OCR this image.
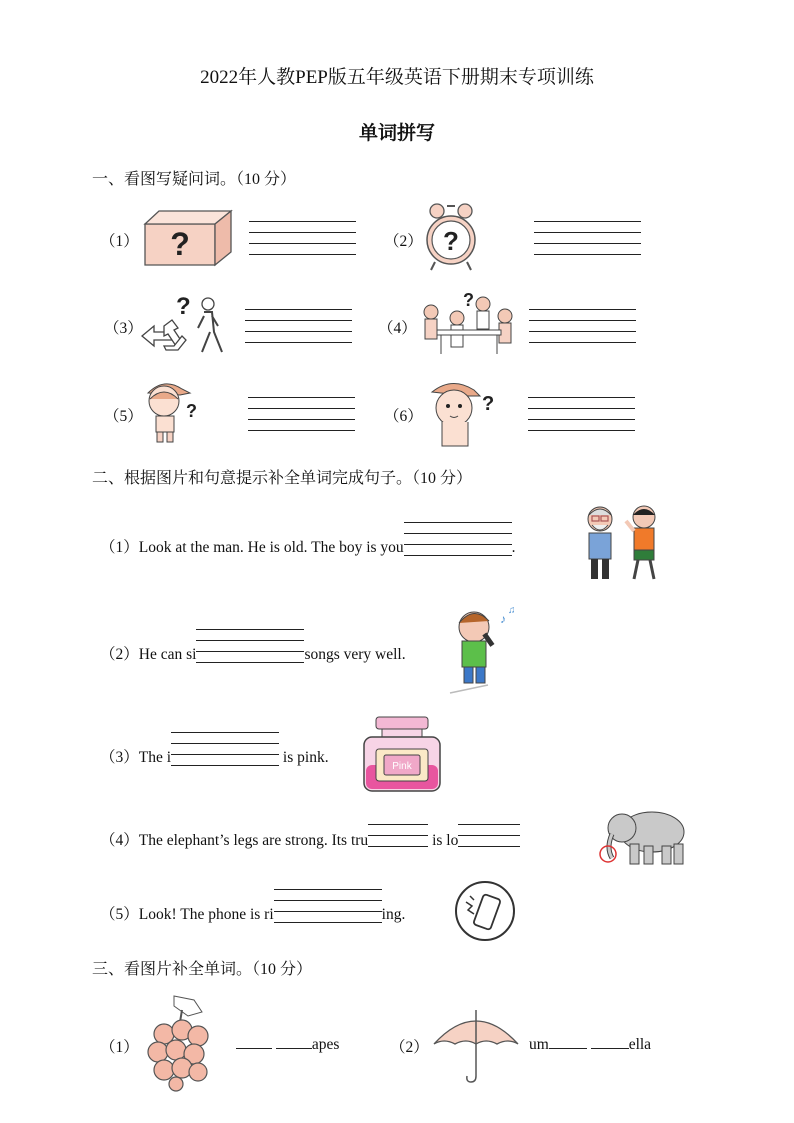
2022年人教PEP版五年级英语下册期末专项训练
单词拼写
一、看图写疑问词。（10 分）
（1） ?	（2） ?
（3）
?
（4）
?
（5） ?	（6）
?
二、根据图片和句意提示补全单词完成句子。（10 分）
（1）Look at the man. He is old. The boy is you	.
（2）He can si	songs very well.
♪
♫
（3）The i	is pink.
Pink
（4）The elephant’s legs are strong. Its tru	is lo
（5）Look! The phone is ri	ing.
三、看图片补全单词。（10 分）
（1）	apes	（2）	um	ella
